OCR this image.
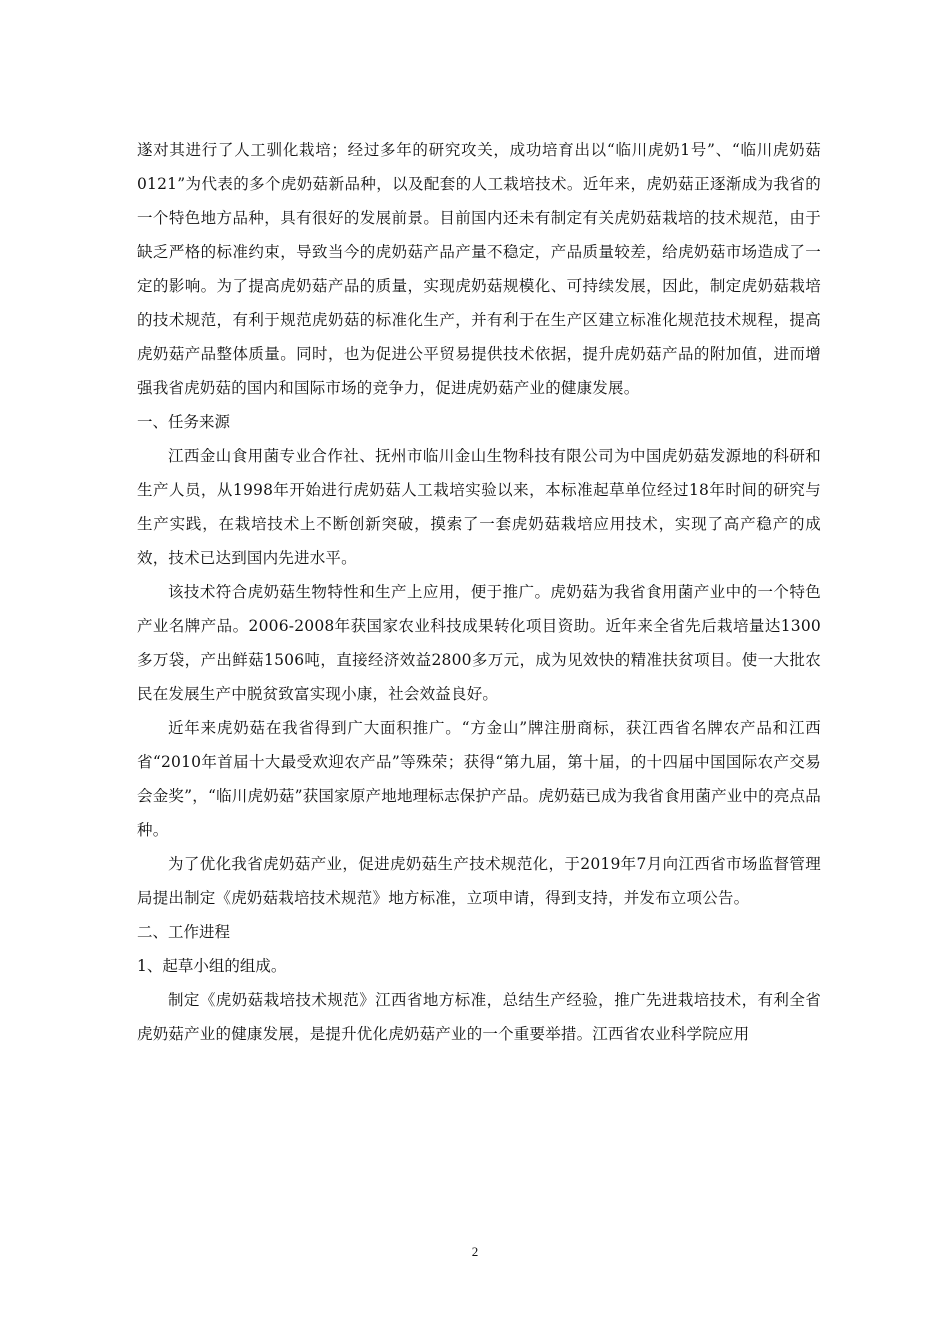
遂对其进行了人工驯化栽培；经过多年的研究攻关，成功培育出以“临川虎奶1号”、“临川虎奶菇0121”为代表的多个虎奶菇新品种，以及配套的人工栽培技术。近年来，虎奶菇正逐渐成为我省的一个特色地方品种，具有很好的发展前景。目前国内还未有制定有关虎奶菇栽培的技术规范，由于缺乏严格的标准约束，导致当今的虎奶菇产品产量不稳定，产品质量较差，给虎奶菇市场造成了一定的影响。为了提高虎奶菇产品的质量，实现虎奶菇规模化、可持续发展，因此，制定虎奶菇栽培的技术规范，有利于规范虎奶菇的标准化生产，并有利于在生产区建立标准化规范技术规程，提高虎奶菇产品整体质量。同时，也为促进公平贸易提供技术依据，提升虎奶菇产品的附加值，进而增强我省虎奶菇的国内和国际市场的竞争力，促进虎奶菇产业的健康发展。

一、任务来源

江西金山食用菌专业合作社、抚州市临川金山生物科技有限公司为中国虎奶菇发源地的科研和生产人员，从1998年开始进行虎奶菇人工栽培实验以来，本标准起草单位经过18年时间的研究与生产实践，在栽培技术上不断创新突破，摸索了一套虎奶菇栽培应用技术，实现了高产稳产的成效，技术已达到国内先进水平。

该技术符合虎奶菇生物特性和生产上应用，便于推广。虎奶菇为我省食用菌产业中的一个特色产业名牌产品。2006-2008年获国家农业科技成果转化项目资助。近年来全省先后栽培量达1300多万袋，产出鲜菇1506吨，直接经济效益2800多万元，成为见效快的精准扶贫项目。使一大批农民在发展生产中脱贫致富实现小康，社会效益良好。

近年来虎奶菇在我省得到广大面积推广。“方金山”牌注册商标，获江西省名牌农产品和江西省“2010年首届十大最受欢迎农产品”等殊荣；获得“第九届，第十届，的十四届中国国际农产交易会金奖”，“临川虎奶菇”获国家原产地地理标志保护产品。虎奶菇已成为我省食用菌产业中的亮点品种。

为了优化我省虎奶菇产业，促进虎奶菇生产技术规范化，于2019年7月向江西省市场监督管理局提出制定《虎奶菇栽培技术规范》地方标准，立项申请，得到支持，并发布立项公告。

二、工作进程

1、起草小组的组成。

制定《虎奶菇栽培技术规范》江西省地方标准，总结生产经验，推广先进栽培技术，有利全省虎奶菇产业的健康发展，是提升优化虎奶菇产业的一个重要举措。江西省农业科学院应用

2
